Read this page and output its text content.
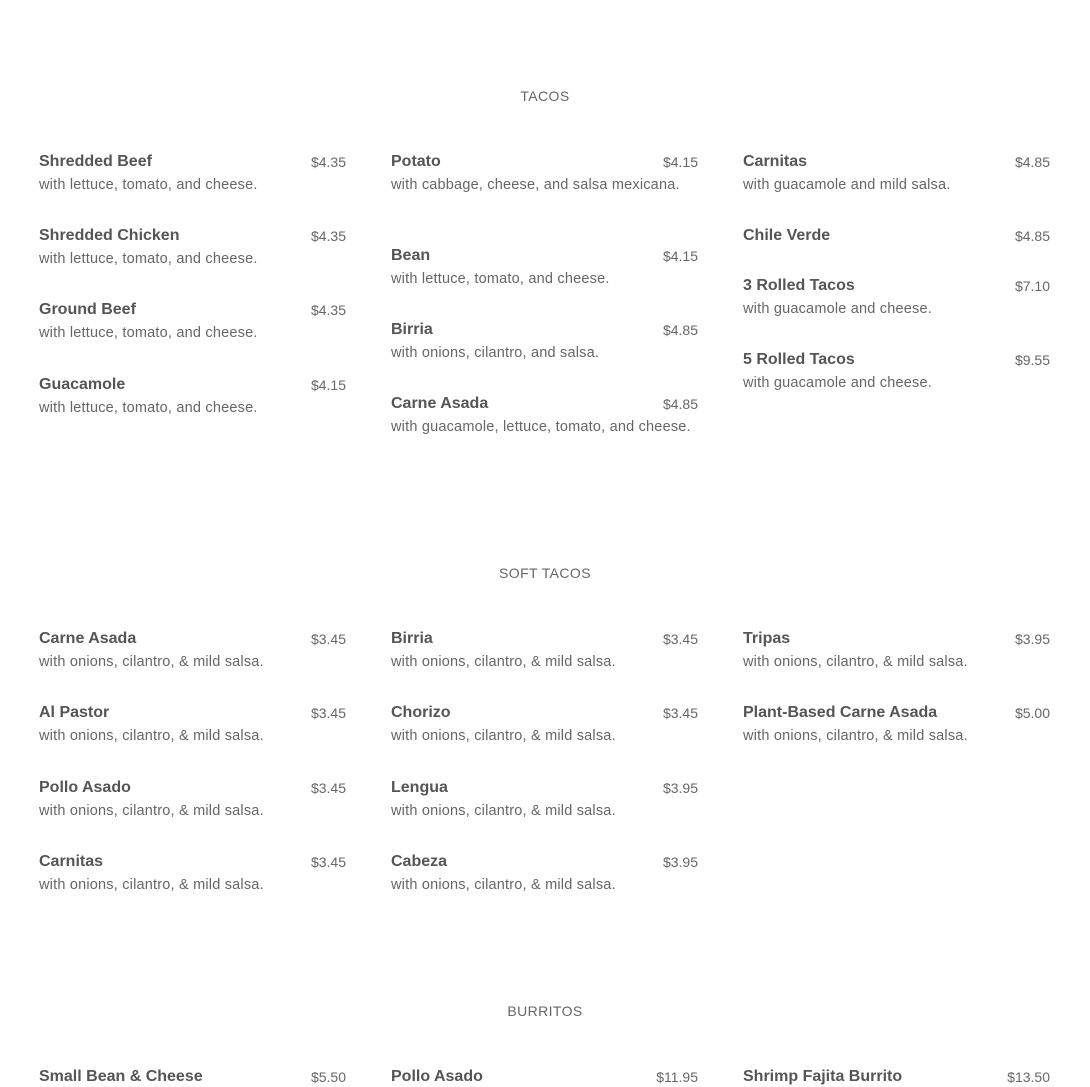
TACOS
Shredded Beef	$4.35
with lettuce, tomato, and cheese.
Shredded Chicken	$4.35
with lettuce, tomato, and cheese.
Ground Beef	$4.35
with lettuce, tomato, and cheese.
Guacamole	$4.15
with lettuce, tomato, and cheese.
Potato	$4.15
with cabbage, cheese, and salsa mexicana.
Bean	$4.15
with lettuce, tomato, and cheese.
Birria	$4.85
with onions, cilantro, and salsa.
Carne Asada	$4.85
with guacamole, lettuce, tomato, and cheese.
Carnitas	$4.85
with guacamole and mild salsa.
Chile Verde	$4.85
3 Rolled Tacos	$7.10
with guacamole and cheese.
5 Rolled Tacos	$9.55
with guacamole and cheese.
SOFT TACOS
Carne Asada	$3.45
with onions, cilantro, & mild salsa.
Al Pastor	$3.45
with onions, cilantro, & mild salsa.
Pollo Asado	$3.45
with onions, cilantro, & mild salsa.
Carnitas	$3.45
with onions, cilantro, & mild salsa.
Birria	$3.45
with onions, cilantro, & mild salsa.
Chorizo	$3.45
with onions, cilantro, & mild salsa.
Lengua	$3.95
with onions, cilantro, & mild salsa.
Cabeza	$3.95
with onions, cilantro, & mild salsa.
Tripas	$3.95
with onions, cilantro, & mild salsa.
Plant-Based Carne Asada	$5.00
with onions, cilantro, & mild salsa.
BURRITOS
Small Bean & Cheese	$5.50	Pollo Asado	$11.95	Shrimp Fajita Burrito	$13.50
